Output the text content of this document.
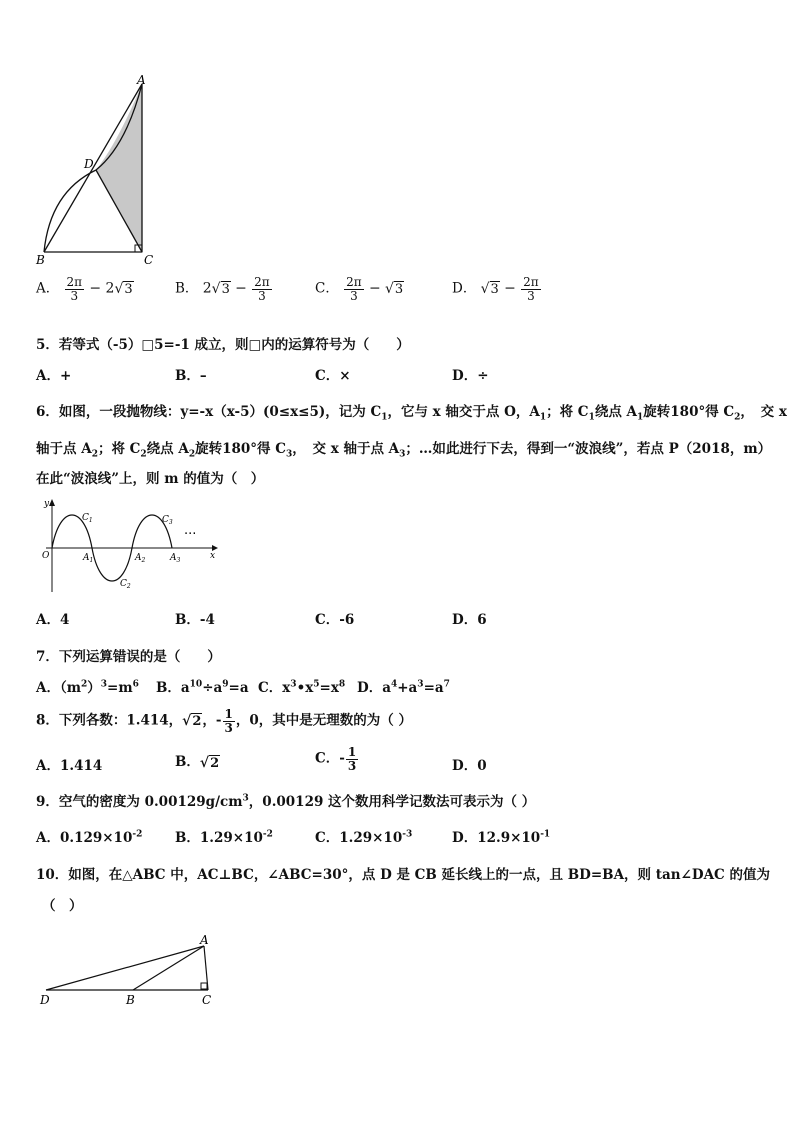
A
D
B	C
A． $\frac{2\pi}{3} - 2√3$	B． $2√3 - \frac{2\pi}{3}$	C． $\frac{2\pi}{3} - √3$	D． $√3 - \frac{2\pi}{3}$
5．若等式（-5）□5=-1 成立，则□内的运算符号为（　　）
A．+	B．–	C．×	D．÷
6．如图，一段抛物线：y=-x（x-5）(0≤x≤5)，记为 $C_1$，它与 x 轴交于点 O，$A_1$；将 $C_1$绕点 $A_1$旋转180°得 $C_2$，　交 x
轴于点 $A_2$；将 $C_2$绕点 $A_2$旋转180°得 $C_3$，　交 x 轴于点 $A_3$；…如此进行下去，得到一“波浪线”，若点 P（2018，m）
在此“波浪线”上，则 m 的值为（　）
y
x
O	$A_1$	$A_2$	$A_3$
$C_1$
$C_2$
$C_3$
···
A．4	B．-4	C．-6	D．6
7．下列运算错误的是（　　）
A．$(m^2)^3=m^6$ B．$a^{10}\div a^9=a$ C．$x^3•x^5=x^8$ D．$a^4+a^3=a^7$
8．下列各数：1.414，√2，- $\frac{1}{3}$ ，0，其中是无理数的为（ ）
A．1.414	B．√2	C．- $\frac{1}{3}$	D．0
9．空气的密度为 $0.00129g/cm^3$，0.00129 这个数用科学记数法可表示为（ ）
A．$0.129\times 10^{-2}$ B．$1.29\times 10^{-2}$	C．$1.29\times 10^{-3}$	D．$12.9\times 10^{-1}$
10．如图，在△ABC 中，AC⊥BC，∠ABC=30°，点 D 是 CB 延长线上的一点，且 BD=BA，则 tan∠DAC 的值为
（　）
A
D	B	C
